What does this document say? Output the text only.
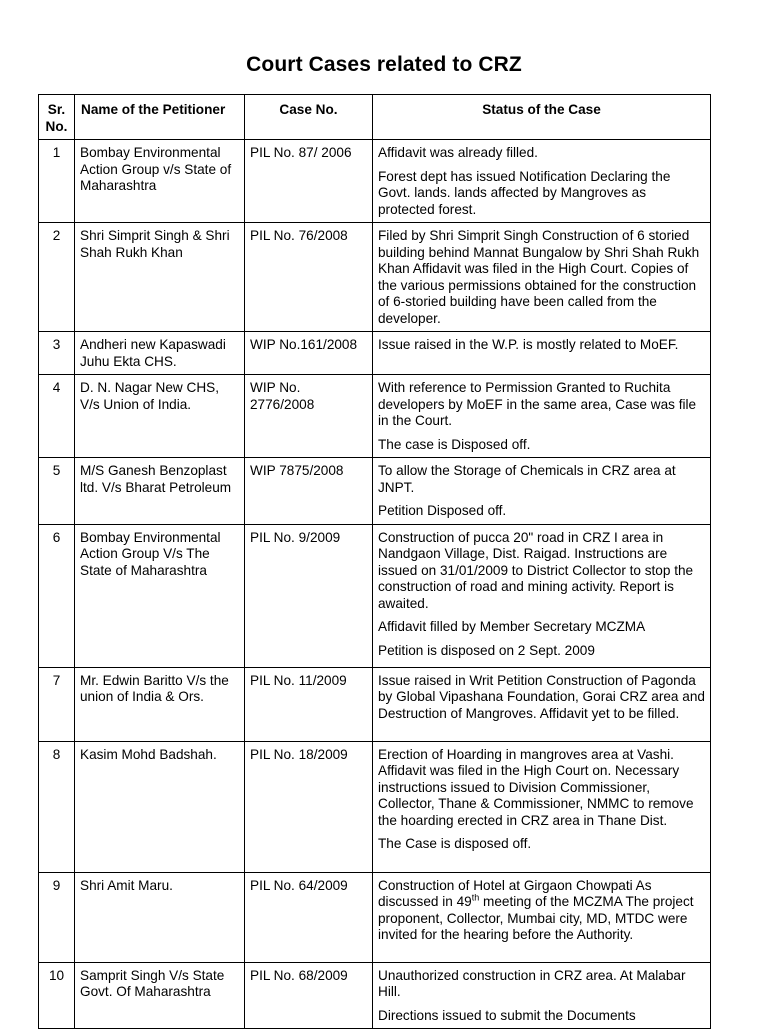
Court Cases related to CRZ
Sr. No.	Name of the Petitioner	Case No.	Status of the Case
1	Bombay Environmental Action Group v/s State of Maharashtra	PIL No. 87/ 2006	Affidavit was already filled.

Forest dept has issued Notification Declaring the Govt. lands. lands affected by Mangroves as protected forest.

2	Shri Simprit Singh & Shri Shah Rukh Khan	PIL No. 76/2008	Filed by Shri Simprit Singh Construction of 6 storied building behind Mannat Bungalow by Shri Shah Rukh Khan Affidavit was filed in the High Court. Copies of the various permissions obtained for the construction of 6-storied building have been called from the developer.

3	Andheri new Kapaswadi Juhu Ekta CHS.	WIP No.161/2008	Issue raised in the W.P. is mostly related to MoEF.

4	D. N. Nagar New CHS, V/s Union of India.	WIP No. 2776/2008	With reference to Permission Granted to Ruchita developers by MoEF in the same area, Case was file in the Court.

The case is Disposed off.

5	M/S Ganesh Benzoplast ltd. V/s Bharat Petroleum	WIP 7875/2008	To allow the Storage of Chemicals in CRZ area at JNPT.

Petition Disposed off.

6	Bombay Environmental Action Group V/s The State of Maharashtra	PIL No. 9/2009	Construction of pucca 20" road in CRZ I area in Nandgaon Village, Dist. Raigad. Instructions are issued on 31/01/2009 to District Collector to stop the construction of road and mining activity. Report is awaited.

Affidavit filled by Member Secretary MCZMA

Petition is disposed on 2 Sept. 2009

7	Mr. Edwin Baritto V/s the union of India & Ors.	PIL No. 11/2009	Issue raised in Writ Petition Construction of Pagonda by Global Vipashana Foundation, Gorai CRZ area and Destruction of Mangroves. Affidavit yet to be filled.

8	Kasim Mohd Badshah.	PIL No. 18/2009	Erection of Hoarding in mangroves area at Vashi. Affidavit was filed in the High Court on. Necessary instructions issued to Division Commissioner, Collector, Thane & Commissioner, NMMC to remove the hoarding erected in CRZ area in Thane Dist.

The Case is disposed off.

9	Shri Amit Maru.	PIL No. 64/2009	Construction of Hotel at Girgaon Chowpati As discussed in 49th meeting of the MCZMA The project proponent, Collector, Mumbai city, MD, MTDC were invited for the hearing before the Authority.

10	Samprit Singh V/s State Govt. Of Maharashtra	PIL No. 68/2009	Unauthorized construction in CRZ area. At Malabar Hill.

Directions issued to submit the Documents
